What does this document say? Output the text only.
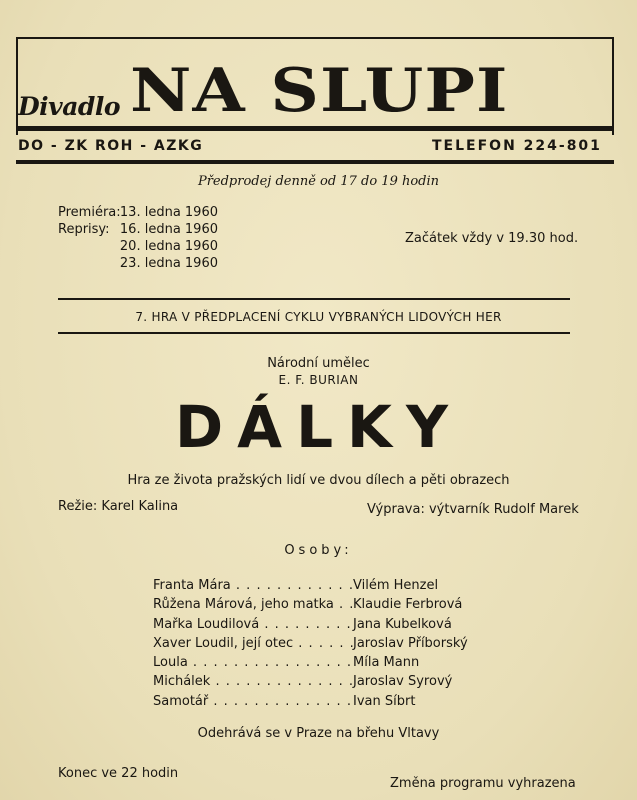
Divadlo NA SLUPI
DO - ZK ROH - AZKG	TELEFON 224-801
Předprodej denně od 17 do 19 hodin
Premiéra: 13. ledna 1960
Reprisy: 16. ledna 1960
20. ledna 1960
23. ledna 1960
Začátek vždy v 19.30 hod.
7. HRA V PŘEDPLACENÍ CYKLU VYBRANÝCH LIDOVÝCH HER
Národní umělec
E. F. BURIAN
DÁLKY
Hra ze života pražských lidí ve dvou dílech a pěti obrazech
Režie: Karel Kalina	Výprava: výtvarník Rudolf Marek
Osoby:
Franta Mára . . .	Vilém Henzel
Růžena Márová, jeho matka . . .	Klaudie Ferbrová
Mařka Loudilová . . .	Jana Kubelková
Xaver Loudil, její otec . . .	Jaroslav Příborský
Loula . . .	Míla Mann
Michálek . . .	Jaroslav Syrový
Samotář . . .	Ivan Síbrt
Odehrává se v Praze na břehu Vltavy
Konec ve 22 hodin
Změna programu vyhrazena
